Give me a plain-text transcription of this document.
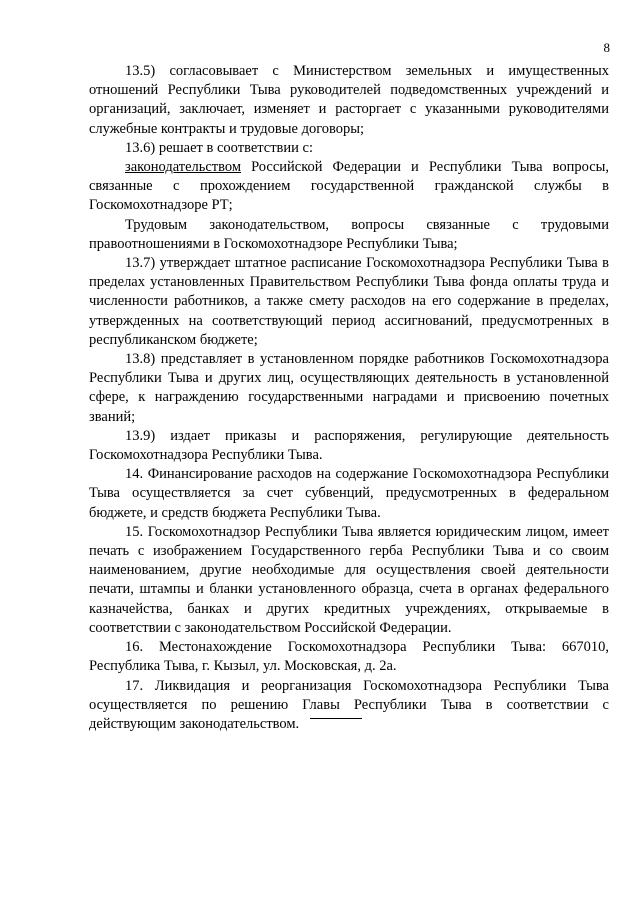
8

13.5) согласовывает с Министерством земельных и имущественных отношений Республики Тыва руководителей подведомственных учреждений и организаций, заключает, изменяет и расторгает с указанными руководителями служебные контракты и трудовые договоры;

13.6) решает в соответствии с:

законодательством Российской Федерации и Республики Тыва вопросы, связанные с прохождением государственной гражданской службы в Госкомохотнадзоре РТ;

Трудовым законодательством, вопросы связанные с трудовыми правоотношениями в Госкомохотнадзоре Республики Тыва;

13.7) утверждает штатное расписание Госкомохотнадзора Республики Тыва в пределах установленных Правительством Республики Тыва фонда оплаты труда и численности работников, а также смету расходов на его содержание в пределах, утвержденных на соответствующий период ассигнований, предусмотренных в республиканском бюджете;

13.8) представляет в установленном порядке работников Госкомохотнадзора Республики Тыва и других лиц, осуществляющих деятельность в установленной сфере, к награждению государственными наградами и присвоению почетных званий;

13.9) издает приказы и распоряжения, регулирующие деятельность Госкомохотнадзора Республики Тыва.

14. Финансирование расходов на содержание Госкомохотнадзора Республики Тыва осуществляется за счет субвенций, предусмотренных в федеральном бюджете, и средств бюджета Республики Тыва.

15. Госкомохотнадзор Республики Тыва является юридическим лицом, имеет печать с изображением Государственного герба Республики Тыва и со своим наименованием, другие необходимые для осуществления своей деятельности печати, штампы и бланки установленного образца, счета в органах федерального казначейства, банках и других кредитных учреждениях, открываемые в соответствии с законодательством Российской Федерации.

16. Местонахождение Госкомохотнадзора Республики Тыва: 667010, Республика Тыва, г. Кызыл, ул. Московская, д. 2а.

17. Ликвидация и реорганизация Госкомохотнадзора Республики Тыва осуществляется по решению Главы Республики Тыва в соответствии с действующим законодательством.
